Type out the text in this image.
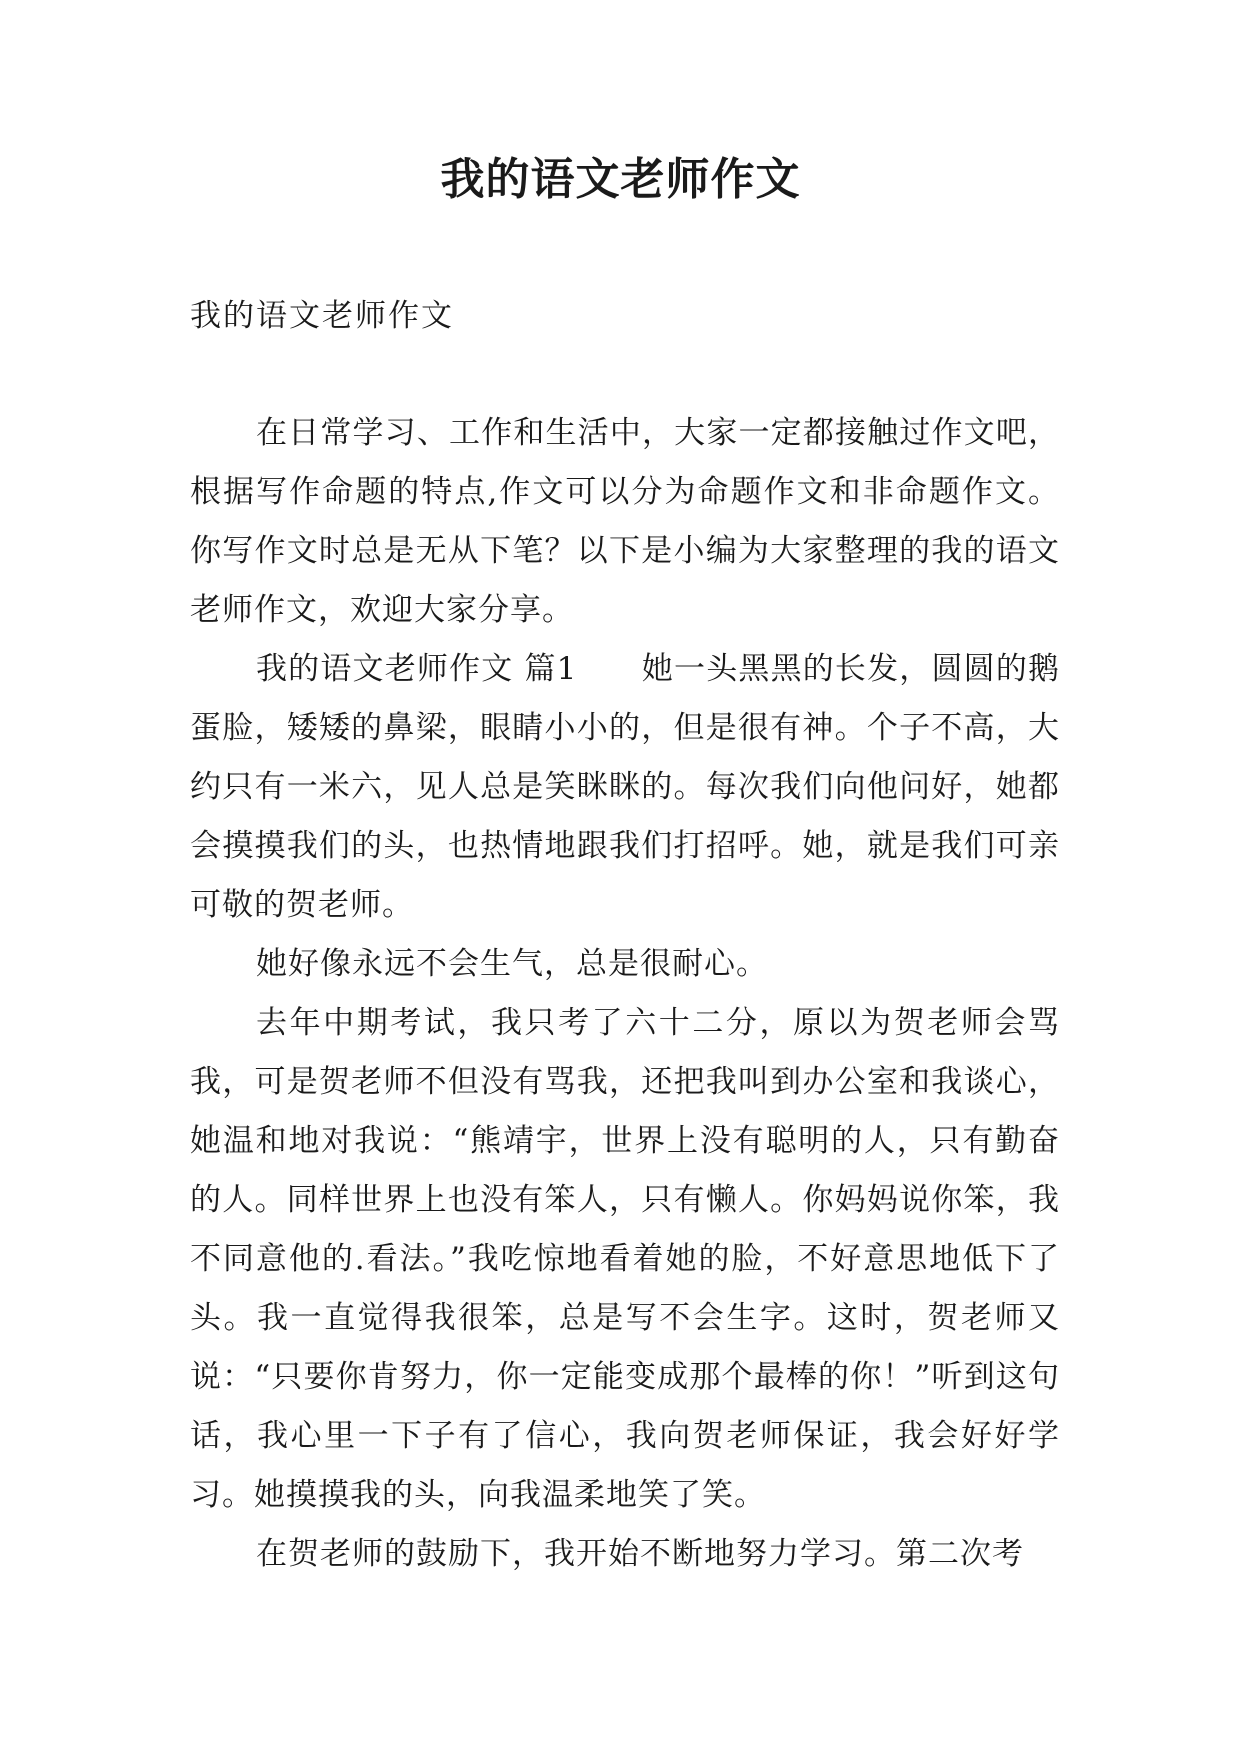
我的语文老师作文
我的语文老师作文

在日常学习、工作和生活中，大家一定都接触过作文吧，根据写作命题的特点,作文可以分为命题作文和非命题作文。你写作文时总是无从下笔？以下是小编为大家整理的我的语文老师作文，欢迎大家分享。

我的语文老师作文 篇1　　她一头黑黑的长发，圆圆的鹅蛋脸，矮矮的鼻梁，眼睛小小的，但是很有神。个子不高，大约只有一米六，见人总是笑眯眯的。每次我们向他问好，她都会摸摸我们的头，也热情地跟我们打招呼。她，就是我们可亲可敬的贺老师。

她好像永远不会生气，总是很耐心。

去年中期考试，我只考了六十二分，原以为贺老师会骂我，可是贺老师不但没有骂我，还把我叫到办公室和我谈心，她温和地对我说：“熊靖宇，世界上没有聪明的人，只有勤奋的人。同样世界上也没有笨人，只有懒人。你妈妈说你笨，我不同意他的.看法。”我吃惊地看着她的脸，不好意思地低下了头。我一直觉得我很笨，总是写不会生字。这时，贺老师又说：“只要你肯努力，你一定能变成那个最棒的你！”听到这句话，我心里一下子有了信心，我向贺老师保证，我会好好学习。她摸摸我的头，向我温柔地笑了笑。

在贺老师的鼓励下，我开始不断地努力学习。第二次考
